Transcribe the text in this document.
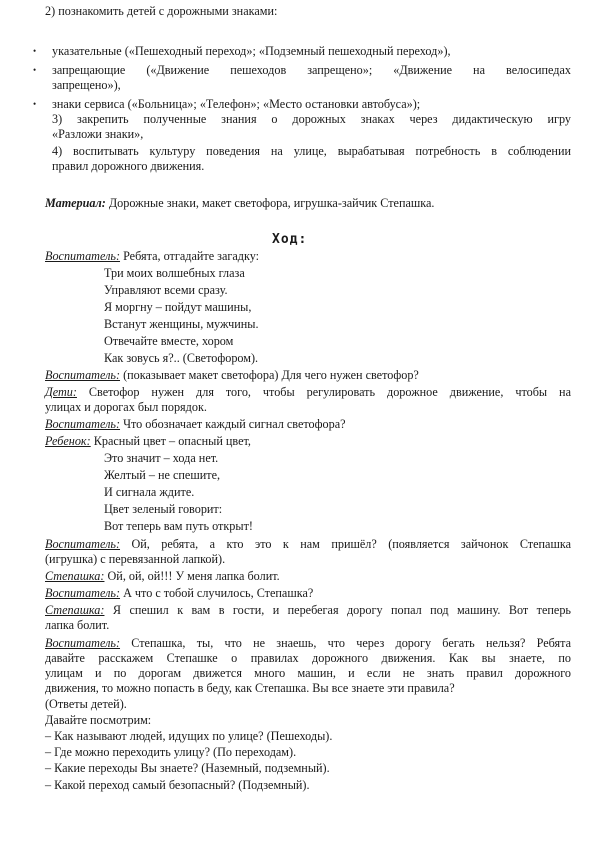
2) познакомить детей с дорожными знаками:
• указательные («Пешеходный переход»; «Подземный пешеходный переход»),
• запрещающие («Движение пешеходов запрещено»; «Движение на велосипедах
запрещено»),
• знаки сервиса («Больница»; «Телефон»; «Место остановки автобуса»);
3) закрепить полученные знания о дорожных знаках через дидактическую игру
«Разложи знаки»,
4) воспитывать культуру поведения на улице, вырабатывая потребность в соблюдении
правил дорожного движения.
Материал: Дорожные знаки, макет светофора, игрушка-зайчик Степашка.
Ход:
Воспитатель: Ребята, отгадайте загадку:
Три моих волшебных глаза
Управляют всеми сразу.
Я моргну – пойдут машины,
Встанут женщины, мужчины.
Отвечайте вместе, хором
Как зовусь я?.. (Светофором).
Воспитатель: (показывает макет светофора) Для чего нужен светофор?
Дети: Светофор нужен для того, чтобы регулировать дорожное движение, чтобы на
улицах и дорогах был порядок.
Воспитатель: Что обозначает каждый сигнал светофора?
Ребенок: Красный цвет – опасный цвет,
Это значит – хода нет.
Желтый – не спешите,
И сигнала ждите.
Цвет зеленый говорит:
Вот теперь вам путь открыт!
Воспитатель: Ой, ребята, а кто это к нам пришёл? (появляется зайчонок Степашка
(игрушка) с перевязанной лапкой).
Степашка: Ой, ой, ой!!! У меня лапка болит.
Воспитатель: А что с тобой случилось, Степашка?
Степашка: Я спешил к вам в гости, и перебегая дорогу попал под машину. Вот теперь
лапка болит.
Воспитатель: Степашка, ты, что не знаешь, что через дорогу бегать нельзя? Ребята
давайте расскажем Степашке о правилах дорожного движения. Как вы знаете, по
улицам и по дорогам движется много машин, и если не знать правил дорожного
движения, то можно попасть в беду, как Степашка. Вы все знаете эти правила?
(Ответы детей).
Давайте посмотрим:
– Как называют людей, идущих по улице? (Пешеходы).
– Где можно переходить улицу? (По переходам).
– Какие переходы Вы знаете? (Наземный, подземный).
– Какой переход самый безопасный? (Подземный).
